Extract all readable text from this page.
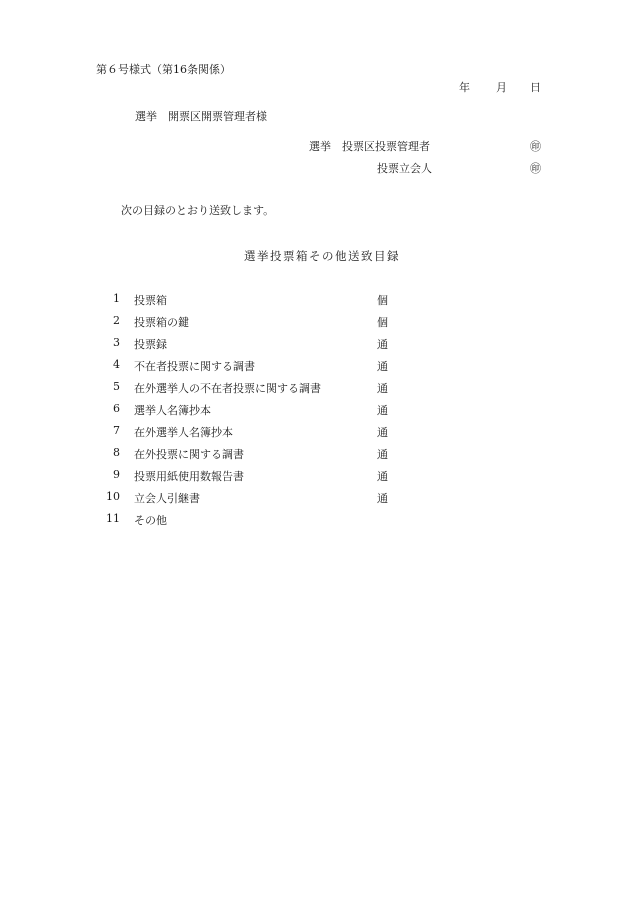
第６号様式（第16条関係）
年 月 日
選挙　開票区開票管理者様
選挙　投票区投票管理者	㊞
投票立会人	㊞
次の目録のとおり送致します。
選挙投票箱その他送致目録
1 投票箱	個
2 投票箱の鍵	個
3 投票録	通
4 不在者投票に関する調書	通
5 在外選挙人の不在者投票に関する調書	通
6 選挙人名簿抄本	通
7 在外選挙人名簿抄本	通
8 在外投票に関する調書	通
9 投票用紙使用数報告書	通
10 立会人引継書	通
11 その他
